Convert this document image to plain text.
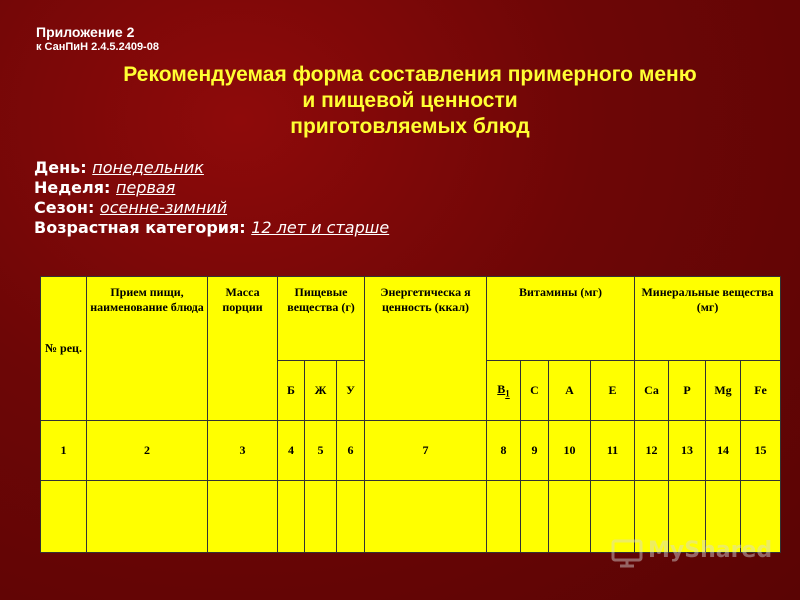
Приложение 2
к СанПиН 2.4.5.2409-08
Рекомендуемая форма составления примерного меню
и пищевой ценности
приготовляемых блюд
День: понедельник
Неделя: первая
Сезон: осенне-зимний
Возрастная категория: 12 лет и старше
№ рец.	Прием пищи, наименование блюда	Масса порции	Пищевые вещества (г)			Энергетическа я ценность (ккал)	Витамины (мг)				Минеральные вещества (мг)			
			Б	Ж	У		$В_1$	С	А	Е	Са	Р	Mg	Fe
1	2	3	4	5	6	7	8	9	10	11	12	13	14	15

MyShared
